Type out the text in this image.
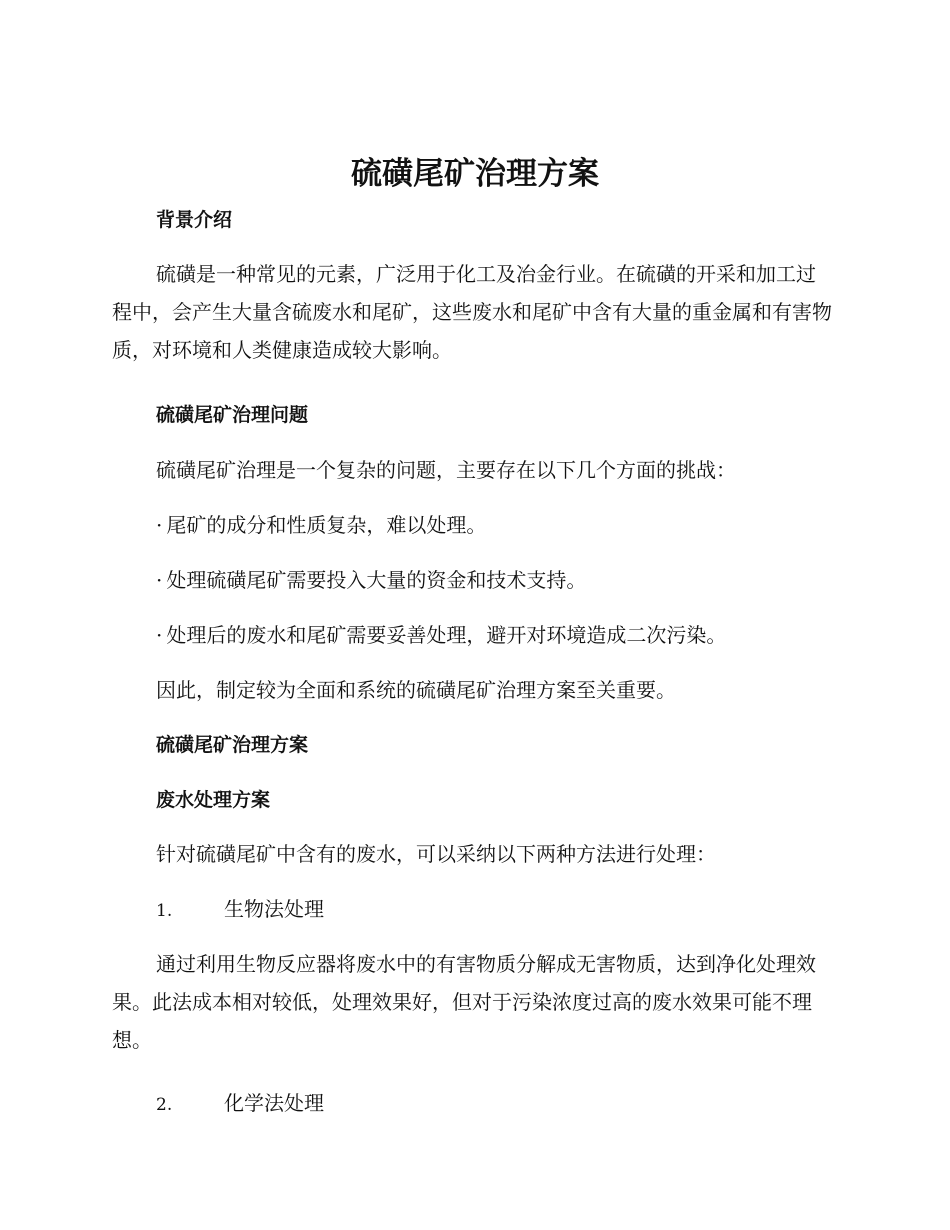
硫磺尾矿治理方案

背景介绍

硫磺是一种常见的元素，广泛用于化工及冶金行业。在硫磺的开采和加工过程中，会产生大量含硫废水和尾矿，这些废水和尾矿中含有大量的重金属和有害物质，对环境和人类健康造成较大影响。

硫磺尾矿治理问题

硫磺尾矿治理是一个复杂的问题，主要存在以下几个方面的挑战：

· 尾矿的成分和性质复杂，难以处理。

· 处理硫磺尾矿需要投入大量的资金和技术支持。

· 处理后的废水和尾矿需要妥善处理，避开对环境造成二次污染。

因此，制定较为全面和系统的硫磺尾矿治理方案至关重要。

硫磺尾矿治理方案

废水处理方案

针对硫磺尾矿中含有的废水，可以采纳以下两种方法进行处理：

1.	生物法处理

通过利用生物反应器将废水中的有害物质分解成无害物质，达到净化处理效果。此法成本相对较低，处理效果好，但对于污染浓度过高的废水效果可能不理想。

2.	化学法处理
